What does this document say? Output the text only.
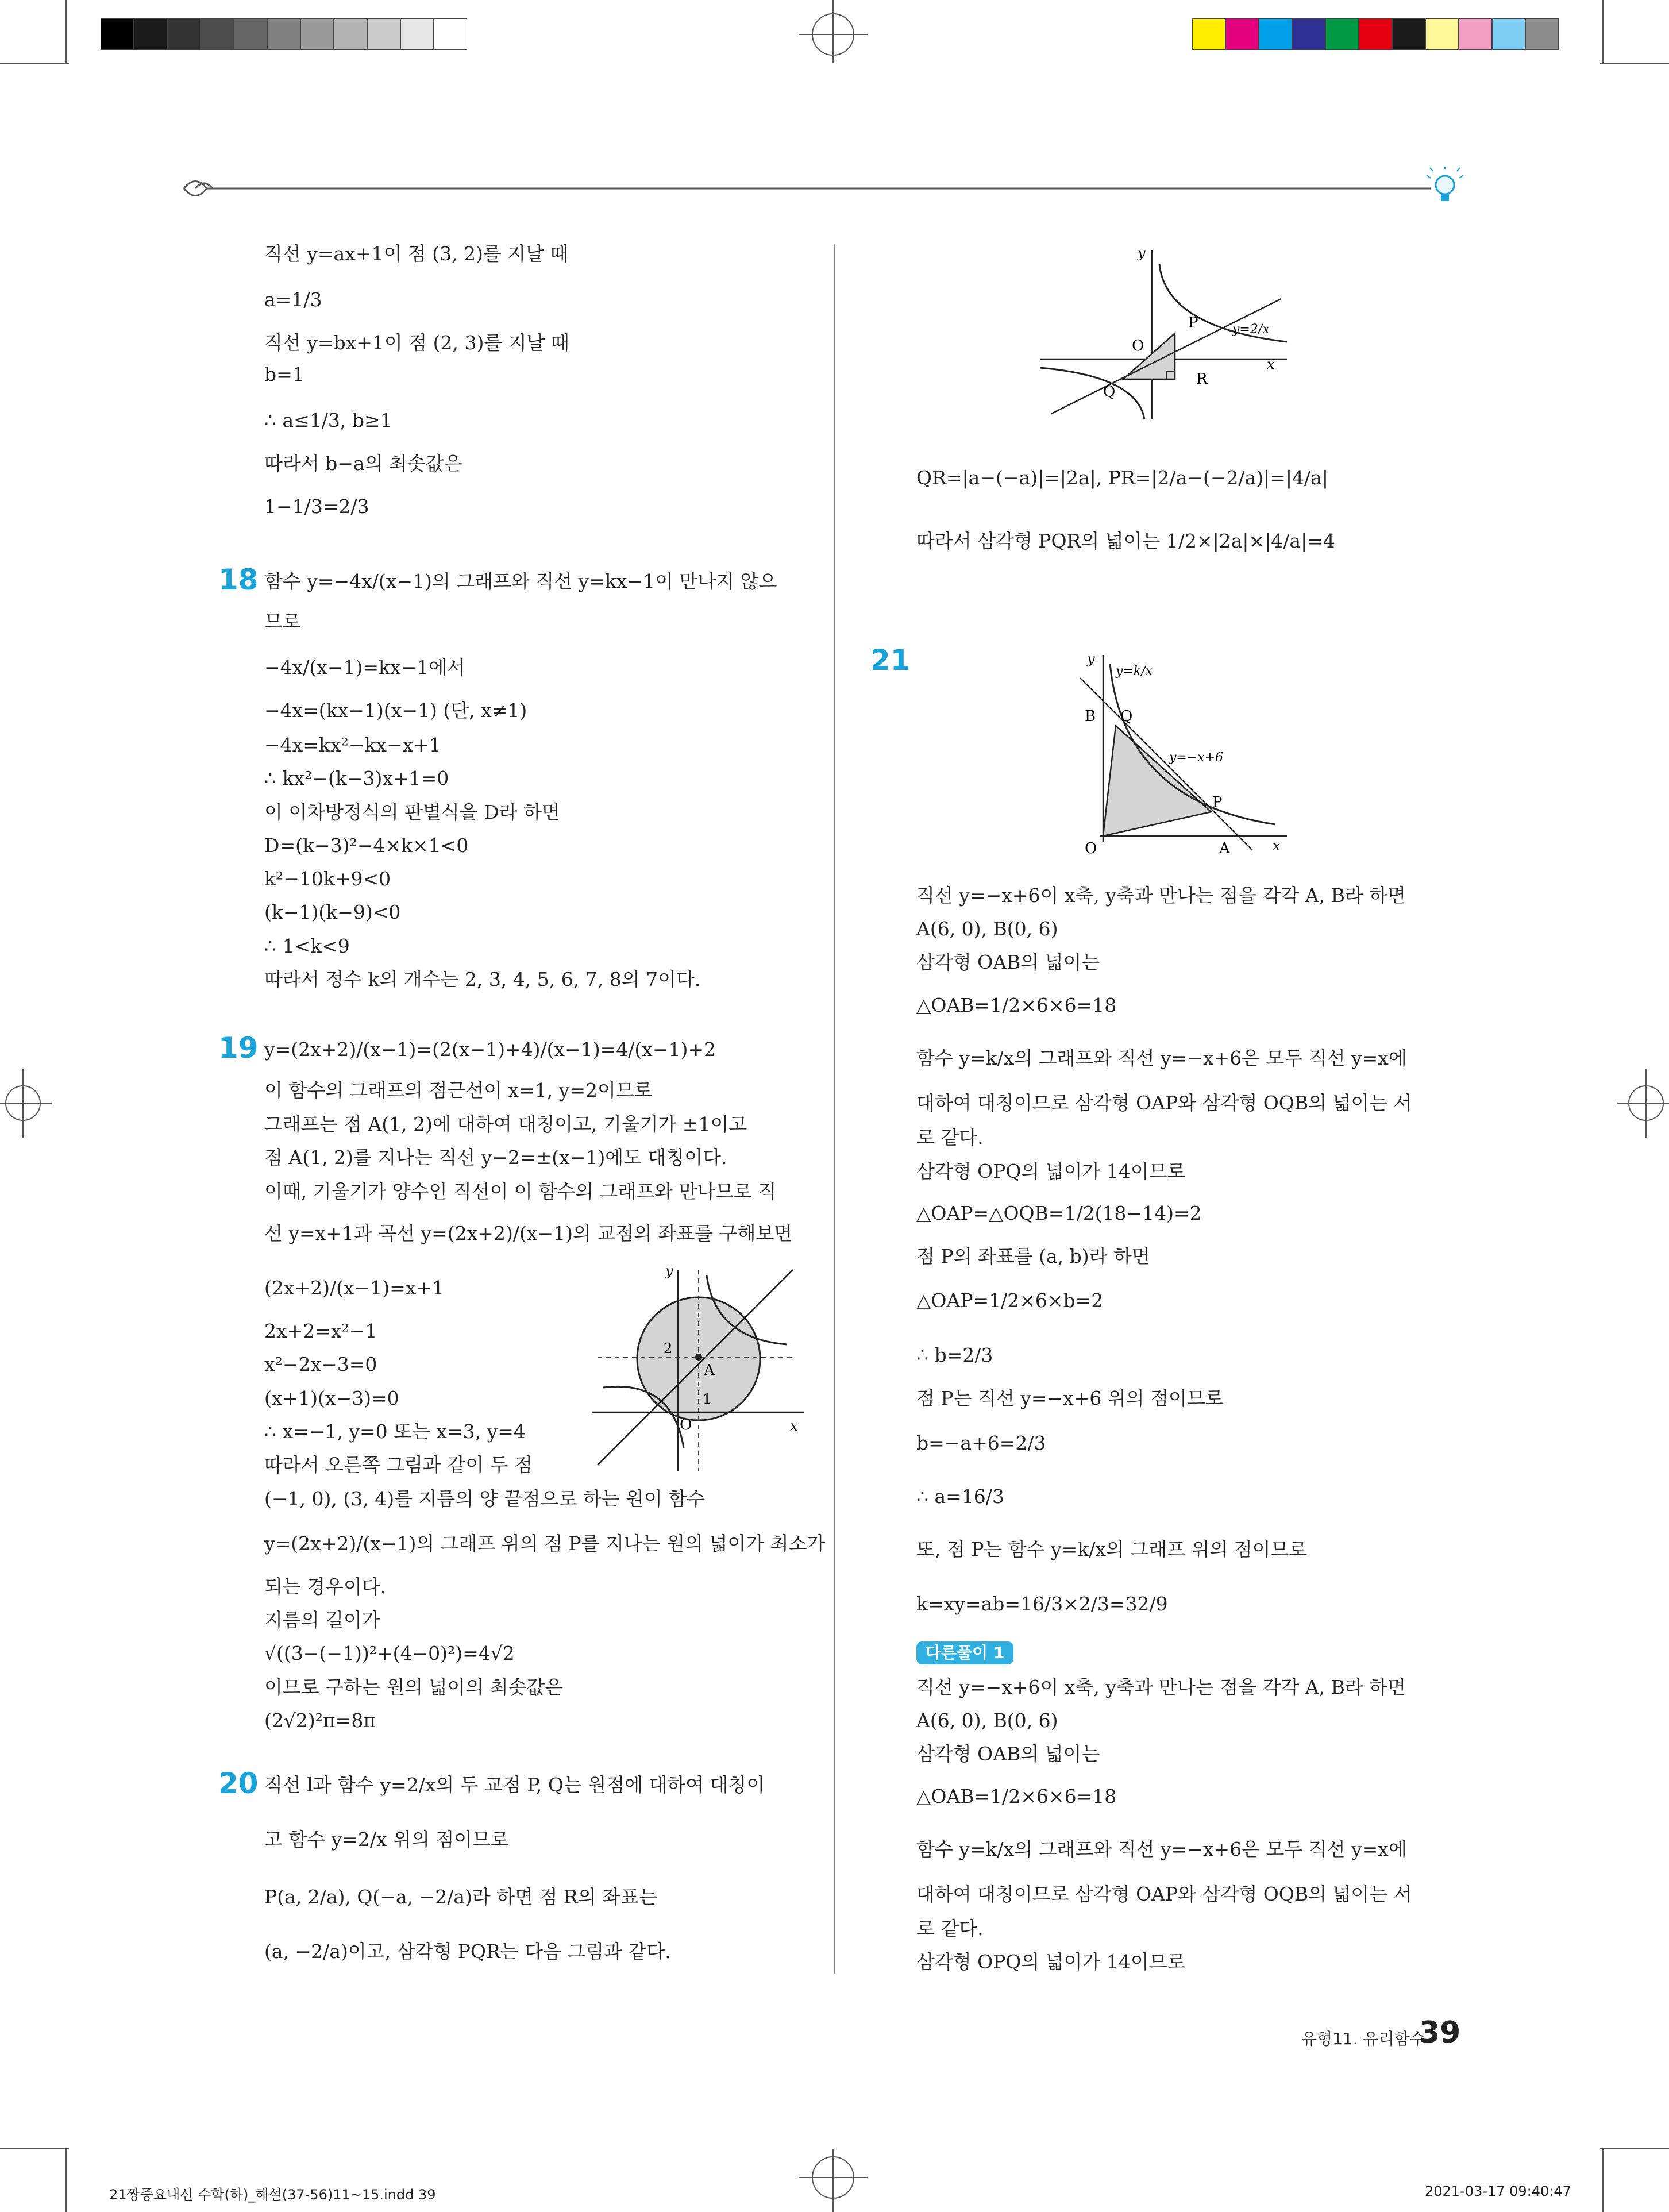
직선 y=ax+1이 점 (3, 2)를 지날 때
a=1/3
직선 y=bx+1이 점 (2, 3)를 지날 때
b=1
∴ a≤1/3, b≥1
따라서 b−a의 최솟값은
1−1/3=2/3
18 함수 y=−4x/(x−1)의 그래프와 직선 y=kx−1이 만나지 않으
므로
−4x/(x−1)=kx−1에서
−4x=(kx−1)(x−1) (단, x≠1)
−4x=kx²−kx−x+1
∴ kx²−(k−3)x+1=0
이 이차방정식의 판별식을 D라 하면
D=(k−3)²−4×k×1<0
k²−10k+9<0
(k−1)(k−9)<0
∴ 1<k<9
따라서 정수 k의 개수는 2, 3, 4, 5, 6, 7, 8의 7이다.
19 y=(2x+2)/(x−1)=(2(x−1)+4)/(x−1)=4/(x−1)+2
이 함수의 그래프의 점근선이 x=1, y=2이므로
그래프는 점 A(1, 2)에 대하여 대칭이고, 기울기가 ±1이고
점 A(1, 2)를 지나는 직선 y−2=±(x−1)에도 대칭이다.
이때, 기울기가 양수인 직선이 이 함수의 그래프와 만나므로 직
선 y=x+1과 곡선 y=(2x+2)/(x−1)의 교점의 좌표를 구해보면
(2x+2)/(x−1)=x+1
2x+2=x²−1
x²−2x−3=0
(x+1)(x−3)=0
∴ x=−1, y=0 또는 x=3, y=4
따라서 오른쪽 그림과 같이 두 점
(−1, 0), (3, 4)를 지름의 양 끝점으로 하는 원이 함수
y=(2x+2)/(x−1)의 그래프 위의 점 P를 지나는 원의 넓이가 최소가
되는 경우이다.
지름의 길이가
√((3−(−1))²+(4−0)²)=4√2
이므로 구하는 원의 넓이의 최솟값은
(2√2)²π=8π
y
x
A
O
2
1
20 직선 l과 함수 y=2/x의 두 교점 P, Q는 원점에 대하여 대칭이
고 함수 y=2/x 위의 점이므로
P(a, 2/a), Q(−a, −2/a)라 하면 점 R의 좌표는
(a, −2/a)이고, 삼각형 PQR는 다음 그림과 같다.
y
x
O
P
Q
R
y=2/x
QR=|a−(−a)|=|2a|, PR=|2/a−(−2/a)|=|4/a|
따라서 삼각형 PQR의 넓이는 1/2×|2a|×|4/a|=4
21	y
x
O	A
B Q
P
y=k/x
y=−x+6
직선 y=−x+6이 x축, y축과 만나는 점을 각각 A, B라 하면
A(6, 0), B(0, 6)
삼각형 OAB의 넓이는
△OAB=1/2×6×6=18
함수 y=k/x의 그래프와 직선 y=−x+6은 모두 직선 y=x에
대하여 대칭이므로 삼각형 OAP와 삼각형 OQB의 넓이는 서
로 같다.
삼각형 OPQ의 넓이가 14이므로
△OAP=△OQB=1/2(18−14)=2
점 P의 좌표를 (a, b)라 하면
△OAP=1/2×6×b=2
∴ b=2/3
점 P는 직선 y=−x+6 위의 점이므로
b=−a+6=2/3
∴ a=16/3
또, 점 P는 함수 y=k/x의 그래프 위의 점이므로
k=xy=ab=16/3×2/3=32/9
다른풀이 1
직선 y=−x+6이 x축, y축과 만나는 점을 각각 A, B라 하면
A(6, 0), B(0, 6)
삼각형 OAB의 넓이는
△OAB=1/2×6×6=18
함수 y=k/x의 그래프와 직선 y=−x+6은 모두 직선 y=x에
대하여 대칭이므로 삼각형 OAP와 삼각형 OQB의 넓이는 서
로 같다.
삼각형 OPQ의 넓이가 14이므로
유형11. 유리함수
39
21짱중요내신 수학(하)_해설(37-56)11~15.indd 39	2021-03-17 09:40:47
